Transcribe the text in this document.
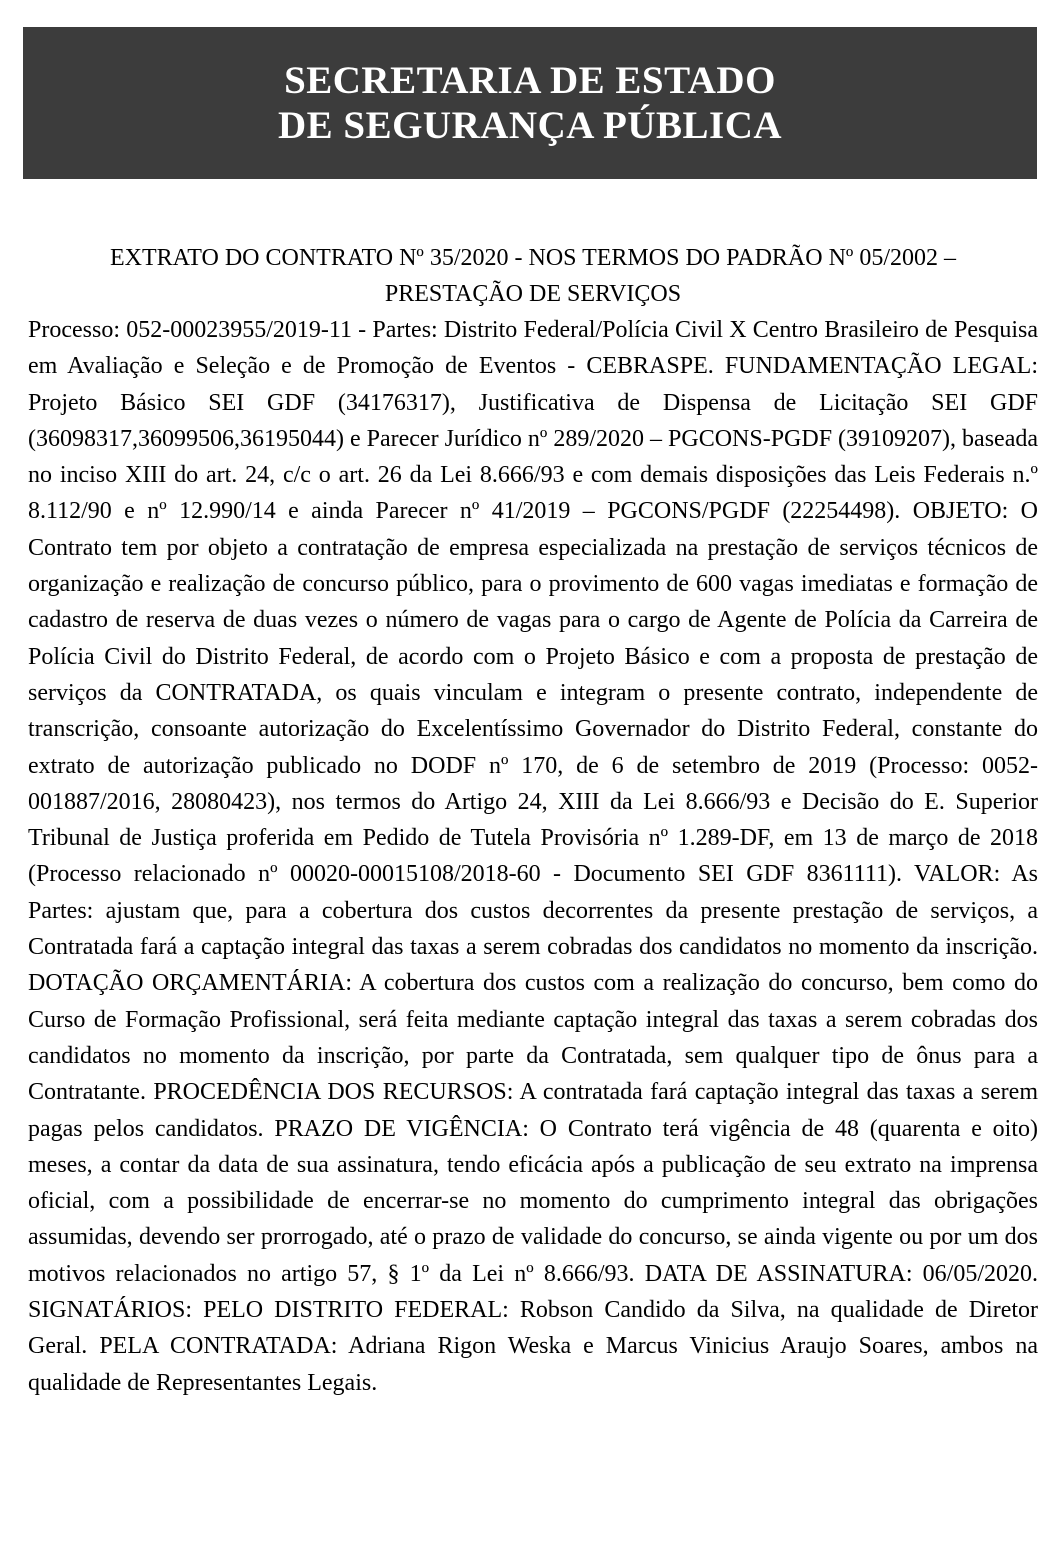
SECRETARIA DE ESTADO
DE SEGURANÇA PÚBLICA
EXTRATO DO CONTRATO Nº 35/2020 - NOS TERMOS DO PADRÃO Nº 05/2002 –
PRESTAÇÃO DE SERVIÇOS
Processo: 052-00023955/2019-11 - Partes: Distrito Federal/Polícia Civil X Centro Brasileiro de Pesquisa em Avaliação e Seleção e de Promoção de Eventos - CEBRASPE. FUNDAMENTAÇÃO LEGAL: Projeto Básico SEI GDF (34176317), Justificativa de Dispensa de Licitação SEI GDF (36098317,36099506,36195044) e Parecer Jurídico nº 289/2020 – PGCONS-PGDF (39109207), baseada no inciso XIII do art. 24, c/c o art. 26 da Lei 8.666/93 e com demais disposições das Leis Federais n.º 8.112/90 e nº 12.990/14 e ainda Parecer nº 41/2019 – PGCONS/PGDF (22254498). OBJETO: O Contrato tem por objeto a contratação de empresa especializada na prestação de serviços técnicos de organização e realização de concurso público, para o provimento de 600 vagas imediatas e formação de cadastro de reserva de duas vezes o número de vagas para o cargo de Agente de Polícia da Carreira de Polícia Civil do Distrito Federal, de acordo com o Projeto Básico e com a proposta de prestação de serviços da CONTRATADA, os quais vinculam e integram o presente contrato, independente de transcrição, consoante autorização do Excelentíssimo Governador do Distrito Federal, constante do extrato de autorização publicado no DODF nº 170, de 6 de setembro de 2019 (Processo: 0052-001887/2016, 28080423), nos termos do Artigo 24, XIII da Lei 8.666/93 e Decisão do E. Superior Tribunal de Justiça proferida em Pedido de Tutela Provisória nº 1.289-DF, em 13 de março de 2018 (Processo relacionado nº 00020-00015108/2018-60 - Documento SEI GDF 8361111). VALOR: As Partes: ajustam que, para a cobertura dos custos decorrentes da presente prestação de serviços, a Contratada fará a captação integral das taxas a serem cobradas dos candidatos no momento da inscrição. DOTAÇÃO ORÇAMENTÁRIA: A cobertura dos custos com a realização do concurso, bem como do Curso de Formação Profissional, será feita mediante captação integral das taxas a serem cobradas dos candidatos no momento da inscrição, por parte da Contratada, sem qualquer tipo de ônus para a Contratante. PROCEDÊNCIA DOS RECURSOS: A contratada fará captação integral das taxas a serem pagas pelos candidatos. PRAZO DE VIGÊNCIA: O Contrato terá vigência de 48 (quarenta e oito) meses, a contar da data de sua assinatura, tendo eficácia após a publicação de seu extrato na imprensa oficial, com a possibilidade de encerrar-se no momento do cumprimento integral das obrigações assumidas, devendo ser prorrogado, até o prazo de validade do concurso, se ainda vigente ou por um dos motivos relacionados no artigo 57, § 1º da Lei nº 8.666/93. DATA DE ASSINATURA: 06/05/2020. SIGNATÁRIOS: PELO DISTRITO FEDERAL: Robson Candido da Silva, na qualidade de Diretor Geral. PELA CONTRATADA: Adriana Rigon Weska e Marcus Vinicius Araujo Soares, ambos na qualidade de Representantes Legais.
